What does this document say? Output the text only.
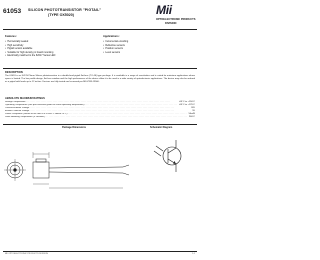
61053 SILICON PHOTOTRANSISTOR "PIGTAIL"
(TYPE OX5020)	Mii
OPTOELECTRONIC PRODUCTS
DIVISION
Features:
• Hermetically sealed
• High sensitivity
• Pigtail version available
• Suitable for high density pc board mounting
• Electrically matched to the 62017 Series LED
Applications:
• Incremental encoding
• Reflective sensors
• Position sensors
• Level sensors
DESCRIPTION
The 61053 is an N-P-N Planar Silicon phototransistor in a double-lead pigtail flat-lens (TO-46) type package. It is available in a range of sensitivities and is suited for miniature applications where space is limited. The low profile design, flat-lens window and the high performance of the device allow it to be used in a wide variety of optoelectronic applications. The device may also be ordered as a pigtail with leads up to 12 inches. Devices are fully tested and screened per MIL-PRF-19500.
ABSOLUTE MAXIMUM RATINGS
Storage Temperature . . .	-65°C to +150°C
Operating Temperature (see part selection guide for actual operating temperature) . . .	-65°C to +125°C
Collector-Emitter Voltage . . .	30V
Emitter-Collector Voltage . . .	5V
Power Dissipation (Derate at the rate of 0.5 mW/°C above 25°C) . . .	50mW
Lead Soldering Temperature (5 seconds) . . .	260°C
Package Dimensions	Schematic Diagram
MII OPTOELECTRONIC PRODUCTS DIVISION	1-1
